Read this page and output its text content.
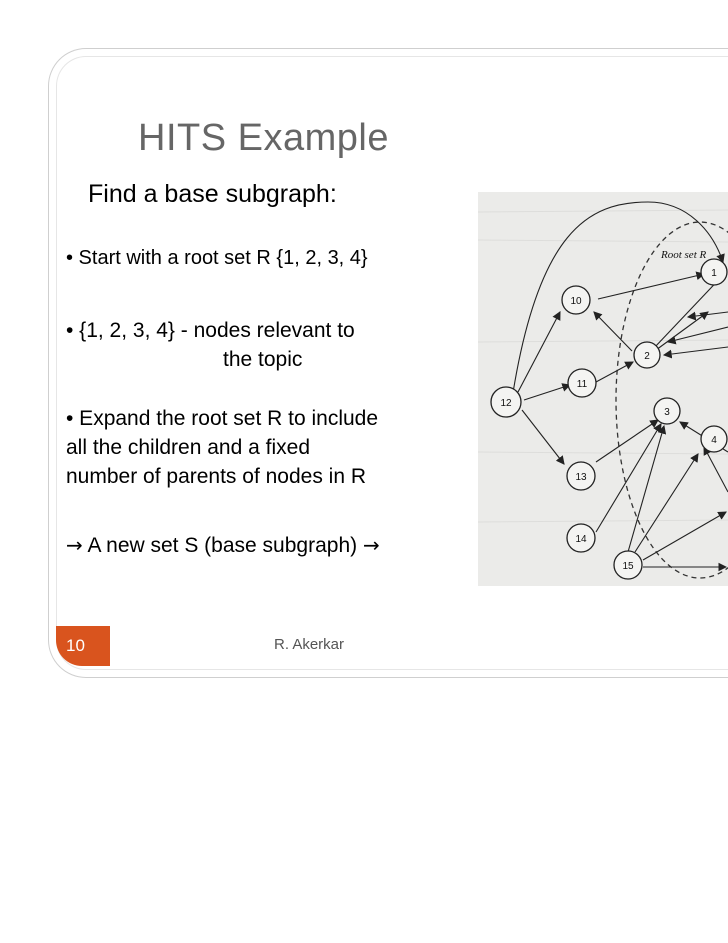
HITS Example
Find a base subgraph:
• Start with a root set R {1, 2, 3, 4}
• {1, 2, 3, 4} - nodes relevant to
the topic
• Expand the root set R to include
all the children and a fixed
number of parents of nodes in R
→ A new set S (base subgraph) →
Root set R
1
2
3
4
10
11
12
13
14
15
10	R. Akerkar
